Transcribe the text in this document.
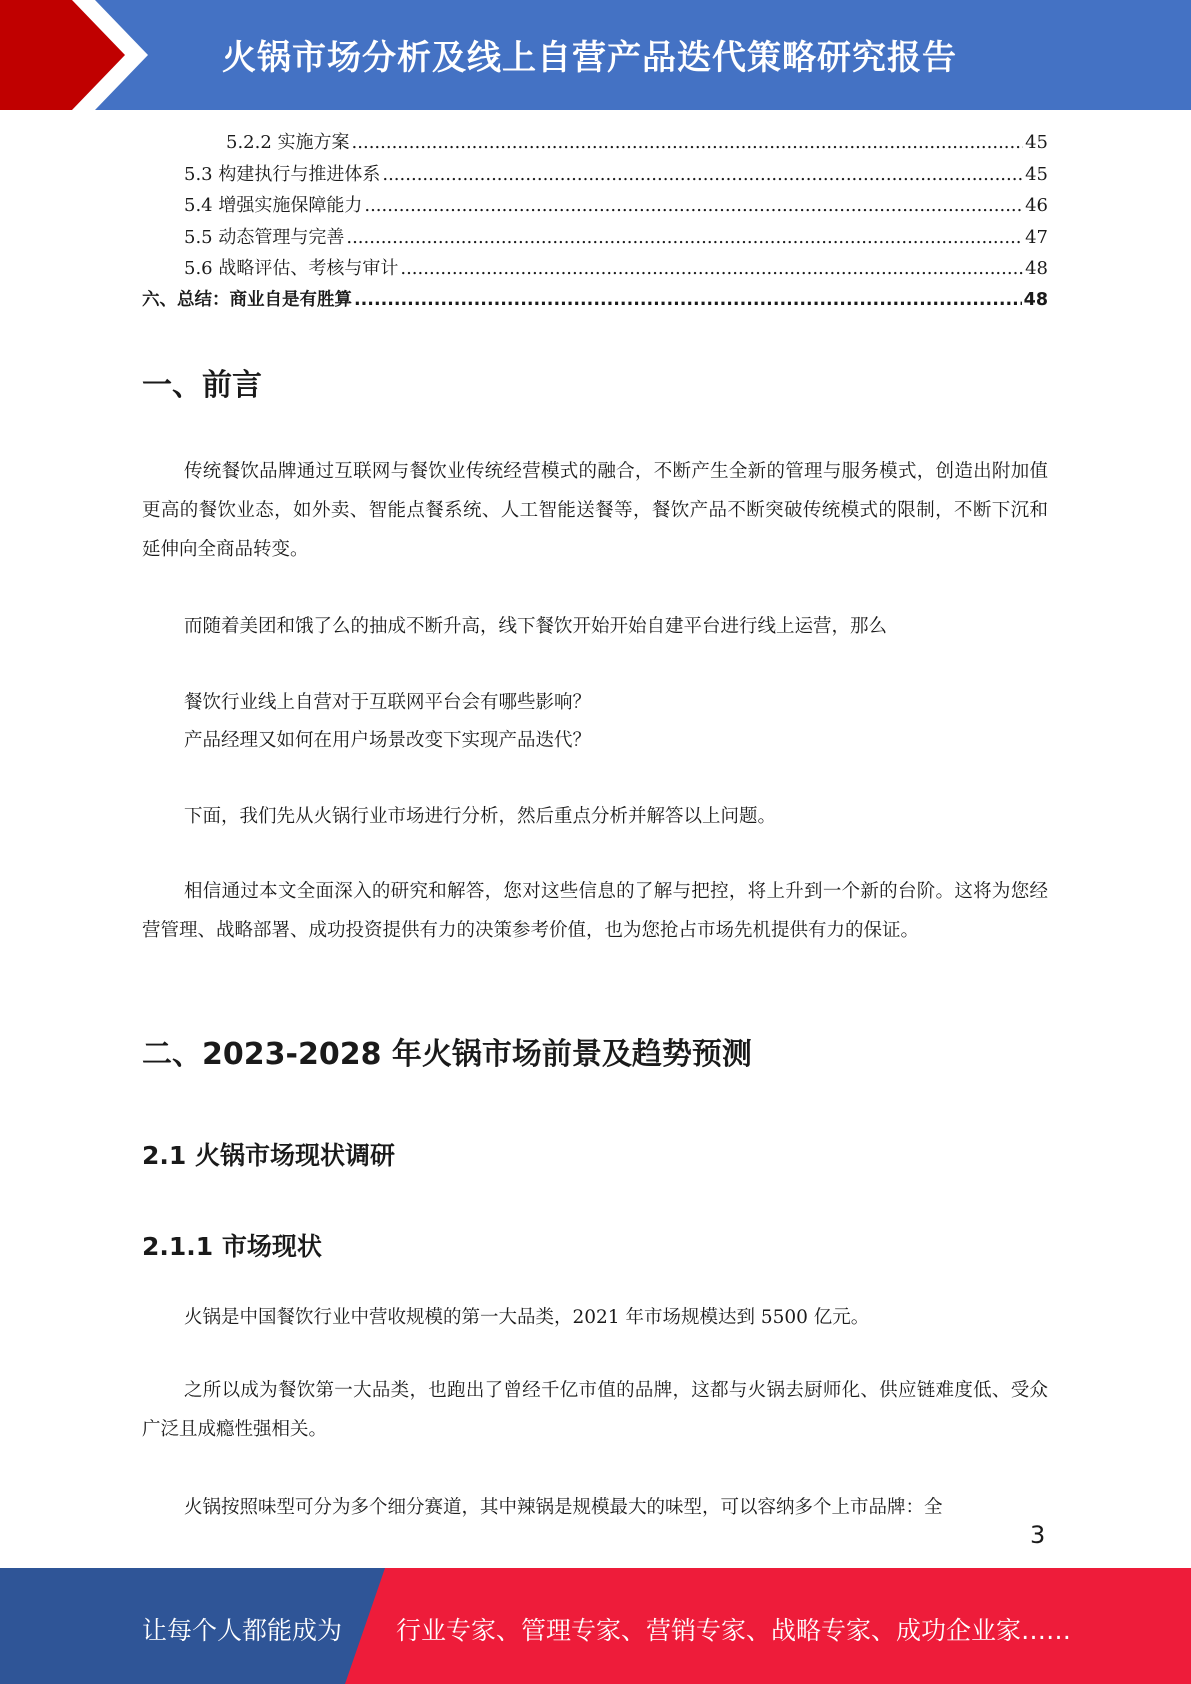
火锅市场分析及线上自营产品迭代策略研究报告
5.2.2 实施方案 .....	45
5.3 构建执行与推进体系 .....	45
5.4 增强实施保障能力 .....	46
5.5 动态管理与完善 .....	47
5.6 战略评估、考核与审计 .....	48
六、总结：商业自是有胜算 .....	48
一、前言
传统餐饮品牌通过互联网与餐饮业传统经营模式的融合，不断产生全新的管理与服务模式，创造出附加值更高的餐饮业态，如外卖、智能点餐系统、人工智能送餐等，餐饮产品不断突破传统模式的限制，不断下沉和延伸向全商品转变。
而随着美团和饿了么的抽成不断升高，线下餐饮开始开始自建平台进行线上运营，那么
餐饮行业线上自营对于互联网平台会有哪些影响？
产品经理又如何在用户场景改变下实现产品迭代？
下面，我们先从火锅行业市场进行分析，然后重点分析并解答以上问题。
相信通过本文全面深入的研究和解答，您对这些信息的了解与把控，将上升到一个新的台阶。这将为您经营管理、战略部署、成功投资提供有力的决策参考价值，也为您抢占市场先机提供有力的保证。
二、2023-2028 年火锅市场前景及趋势预测
2.1 火锅市场现状调研
2.1.1 市场现状
火锅是中国餐饮行业中营收规模的第一大品类，2021 年市场规模达到 5500 亿元。
之所以成为餐饮第一大品类，也跑出了曾经千亿市值的品牌，这都与火锅去厨师化、供应链难度低、受众广泛且成瘾性强相关。
火锅按照味型可分为多个细分赛道，其中辣锅是规模最大的味型，可以容纳多个上市品牌：全
3
让每个人都能成为 行业专家、管理专家、营销专家、战略专家、成功企业家……
